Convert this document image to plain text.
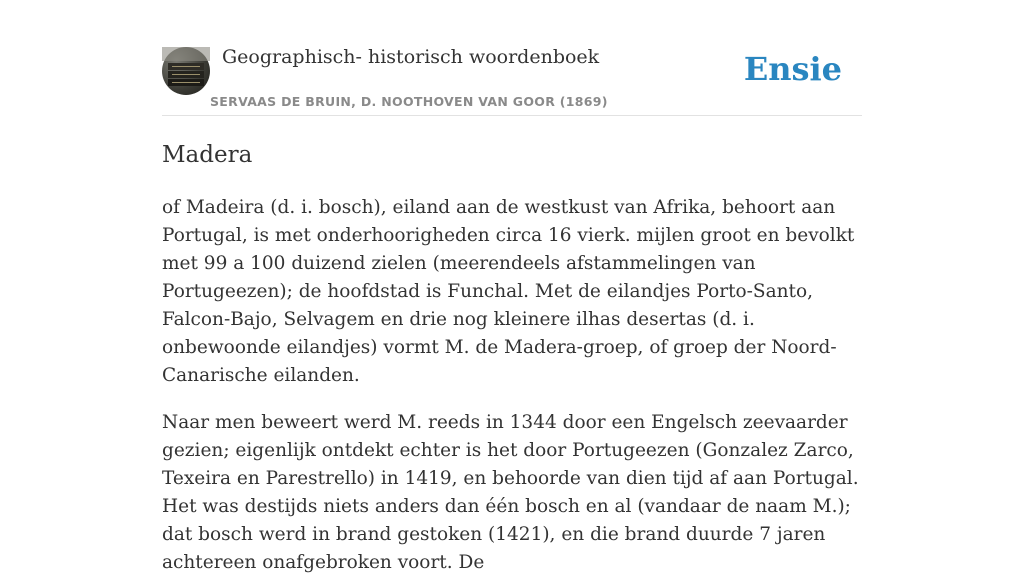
Geographisch- historisch woordenboek
SERVAAS DE BRUIN, D. NOOTHOVEN VAN GOOR (1869)
Ensie
Madera

of Madeira (d. i. bosch), eiland aan de westkust van Afrika, behoort aan Portugal, is met onderhoorigheden circa 16 vierk. mijlen groot en bevolkt met 99 a 100 duizend zielen (meerendeels afstammelingen van Portugeezen); de hoofdstad is Funchal. Met de eilandjes Porto-Santo, Falcon-Bajo, Selvagem en drie nog kleinere ilhas desertas (d. i. onbewoonde eilandjes) vormt M. de Madera-groep, of groep der Noord-Canarische eilanden.

Naar men beweert werd M. reeds in 1344 door een Engelsch zeevaarder gezien; eigenlijk ontdekt echter is het door Portugeezen (Gonzalez Zarco, Texeira en Parestrello) in 1419, en behoorde van dien tijd af aan Portugal. Het was destijds niets anders dan één bosch en al (vandaar de naam M.); dat bosch werd in brand gestoken (1421), en die brand duurde 7 jaren achtereen onafgebroken voort. De
